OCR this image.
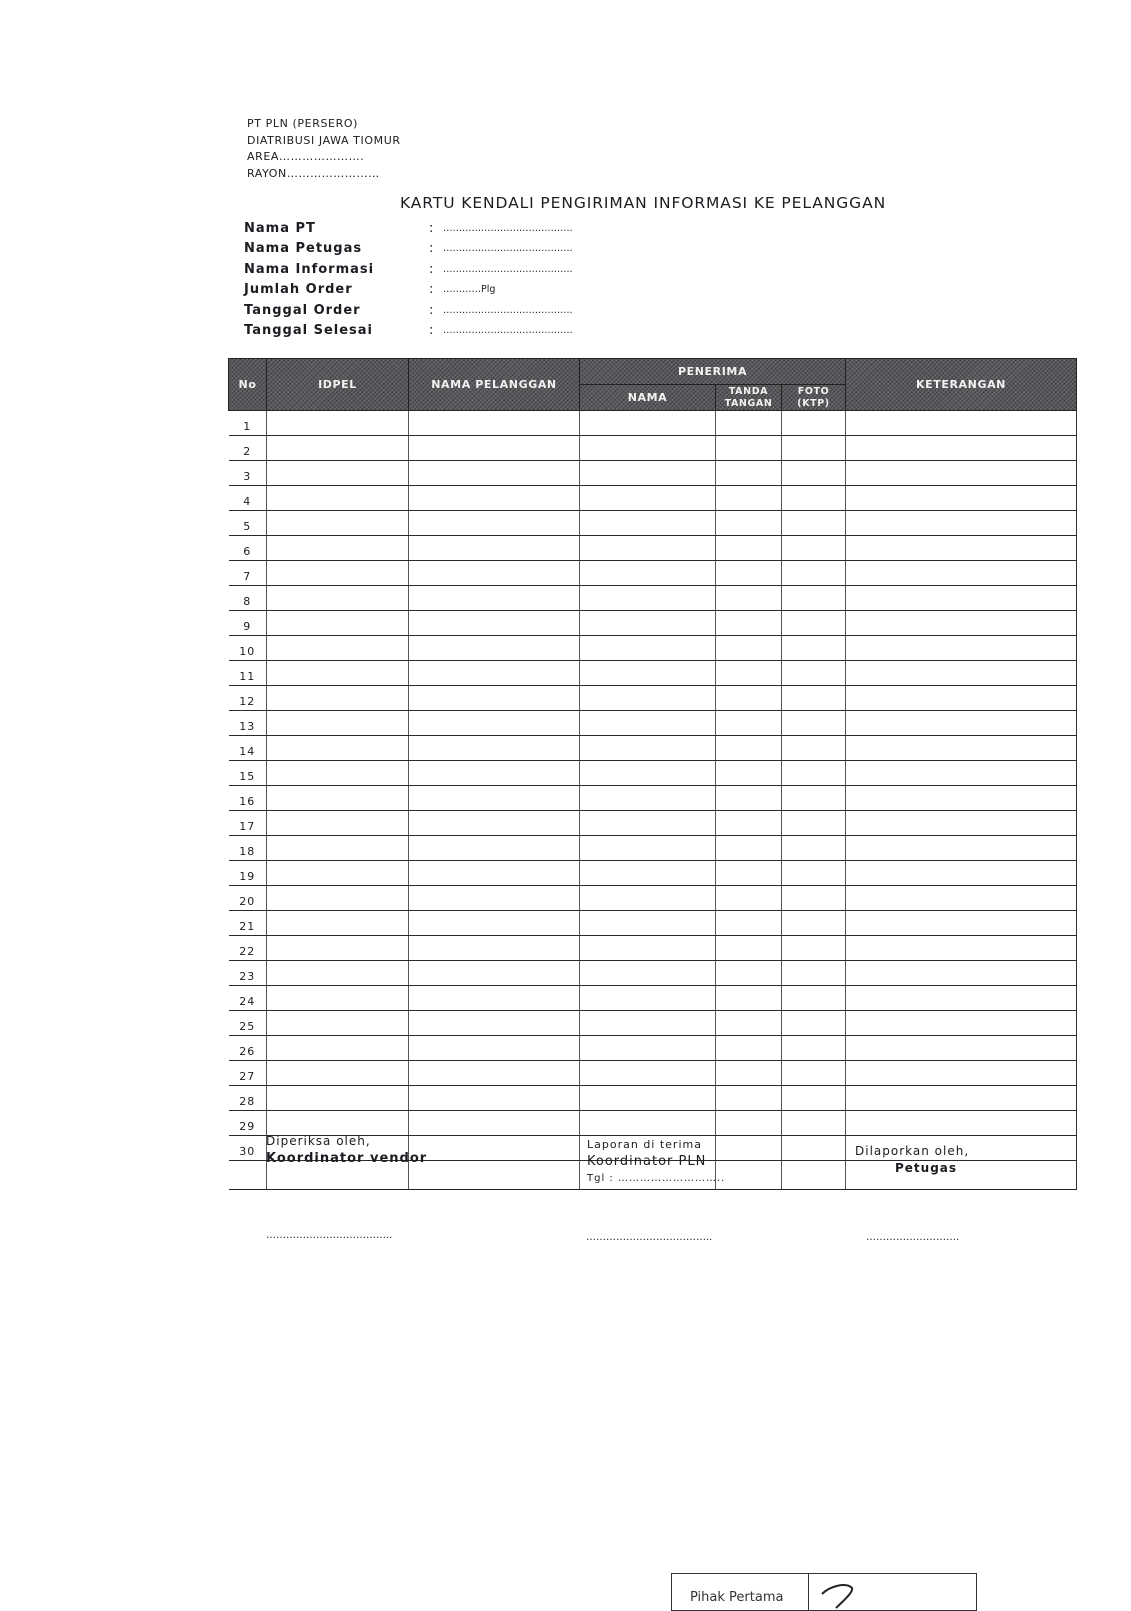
PT PLN (PERSERO)
DIATRIBUSI JAWA TIOMUR
AREA………………….
RAYON……………………
KARTU KENDALI PENGIRIMAN INFORMASI KE PELANGGAN
Nama PT	: …………………………………..
Nama Petugas	: …………………………………..
Nama Informasi	: …………………………………..
Jumlah Order	: …………Plg
Tanggal Order	: …………………………………..
Tanggal Selesai	: …………………………………..
No	IDPEL	NAMA PELANGGAN	PENERIMA			KETERANGAN
			NAMA	TANDA TANGAN	FOTO (KTP)	
1						
2						
3						
4						
5						
6						
7						
8						
9						
10						
11						
12						
13						
14						
15						
16						
17						
18						
19						
20						
21						
22						
23						
24						
25						
26						
27						
28						
29						
30						

Diperiksa oleh,
Koordinator vendor
………………………………..
Laporan di terima
Koordinator PLN
Tgl : ………………………..
………………………………..
Dilaporkan oleh,
Petugas
……………………….
Pihak Pertama
